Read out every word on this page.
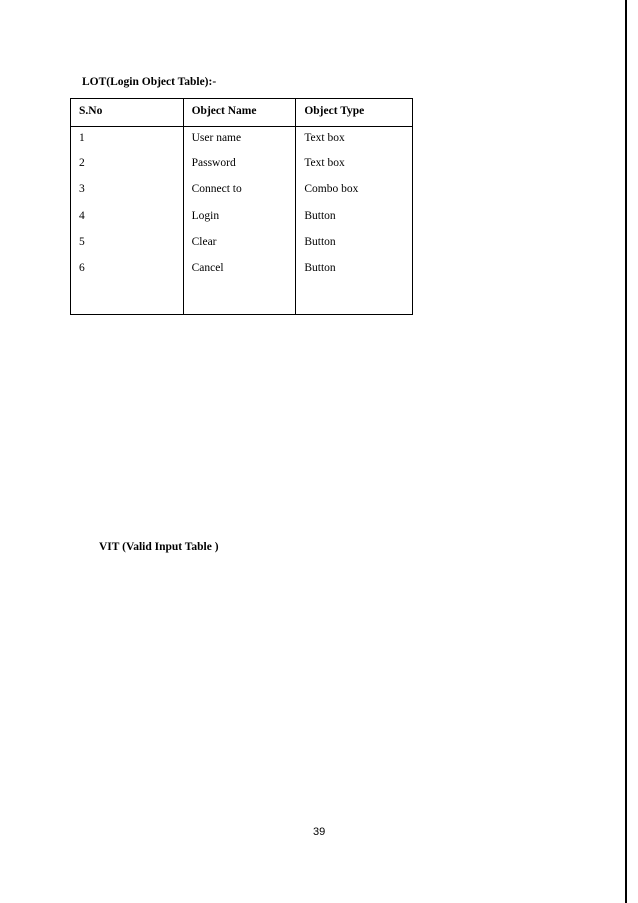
LOT(Login Object Table):-
S.No	Object Name	Object Type
1	User name	Text box
2	Password	Text box
3	Connect to	Combo box
4	Login	Button
5	Clear	Button
6	Cancel	Button

VIT (Valid Input Table )
39
